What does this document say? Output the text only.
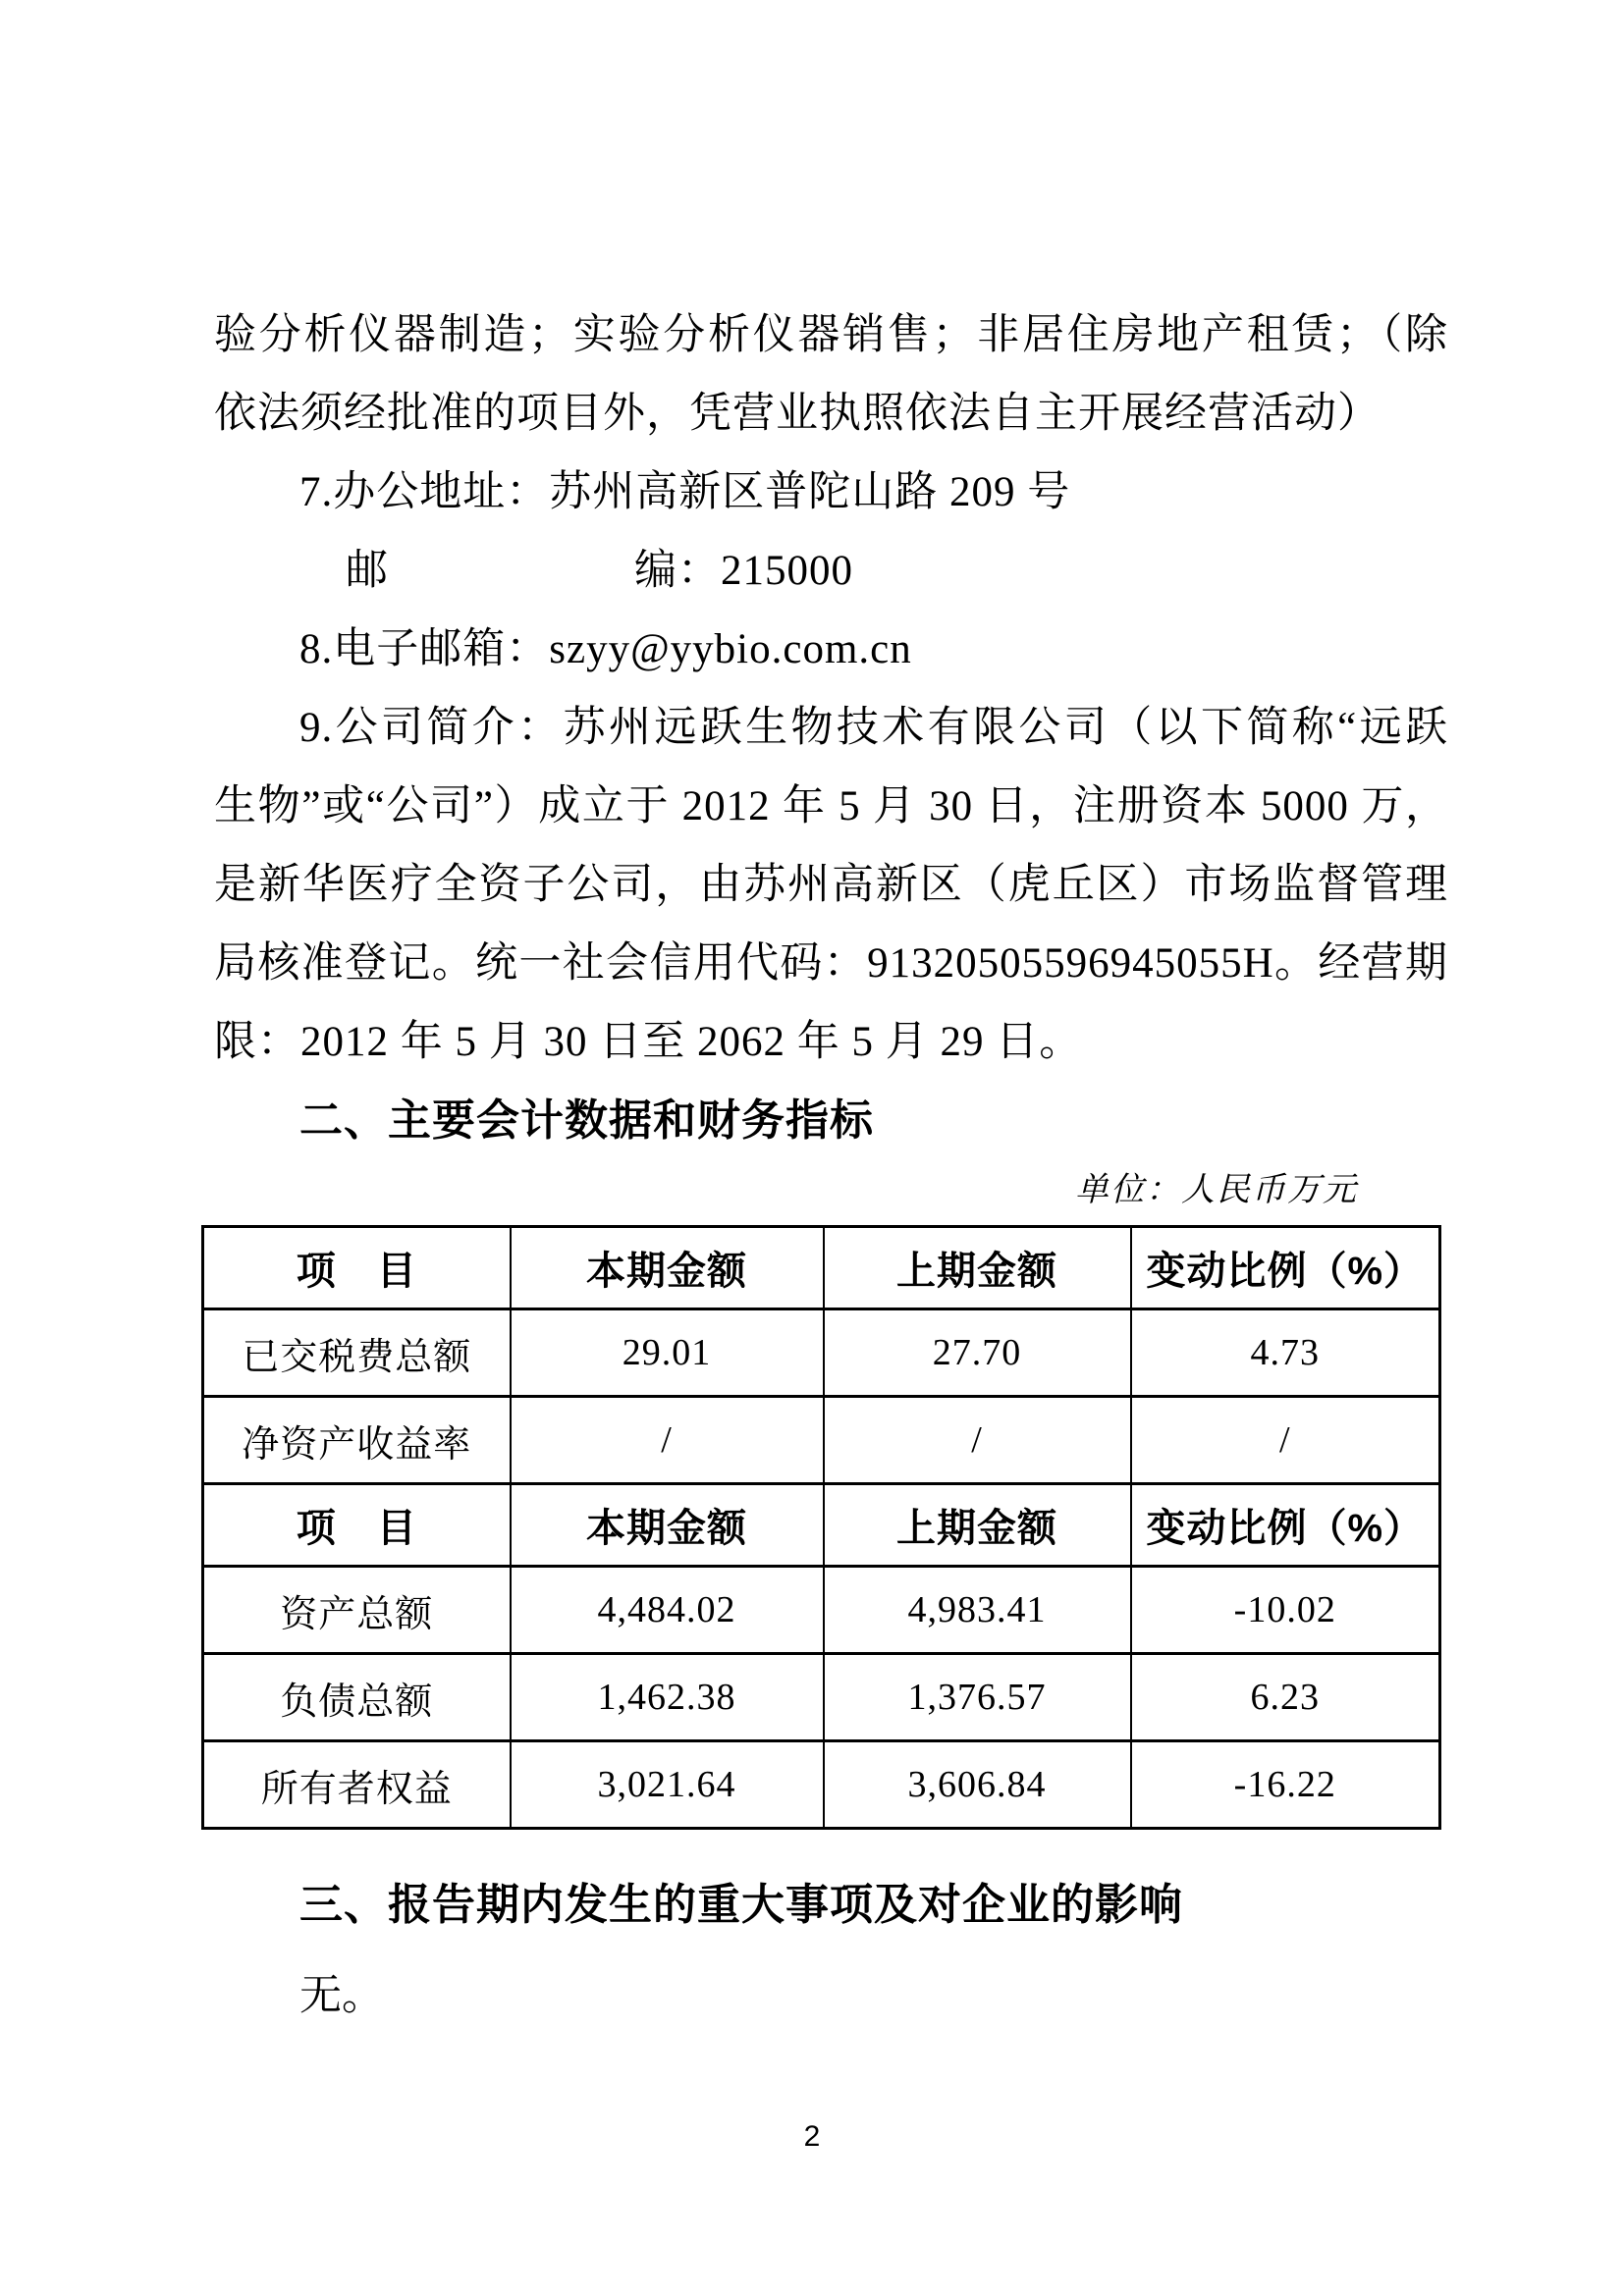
验分析仪器制造；实验分析仪器销售；非居住房地产租赁；（除
依法须经批准的项目外，凭营业执照依法自主开展经营活动）
7.办公地址：苏州高新区普陀山路 209 号
邮	编：215000
8.电子邮箱：szyy@yybio.com.cn
9.公司简介：苏州远跃生物技术有限公司（以下简称“远跃
生物”或“公司”）成立于 2012 年 5 月 30 日，注册资本 5000 万，
是新华医疗全资子公司，由苏州高新区（虎丘区）市场监督管理
局核准登记。统一社会信用代码：91320505596945055H。经营期
限：2012 年 5 月 30 日至 2062 年 5 月 29 日。
二、主要会计数据和财务指标
单位：人民币万元
项　目	本期金额	上期金额	变动比例（%）
已交税费总额	29.01	27.70	4.73
净资产收益率	/	/	/
项　目	本期金额	上期金额	变动比例（%）
资产总额	4,484.02	4,983.41	-10.02
负债总额	1,462.38	1,376.57	6.23
所有者权益	3,021.64	3,606.84	-16.22
三、报告期内发生的重大事项及对企业的影响
无。
2
